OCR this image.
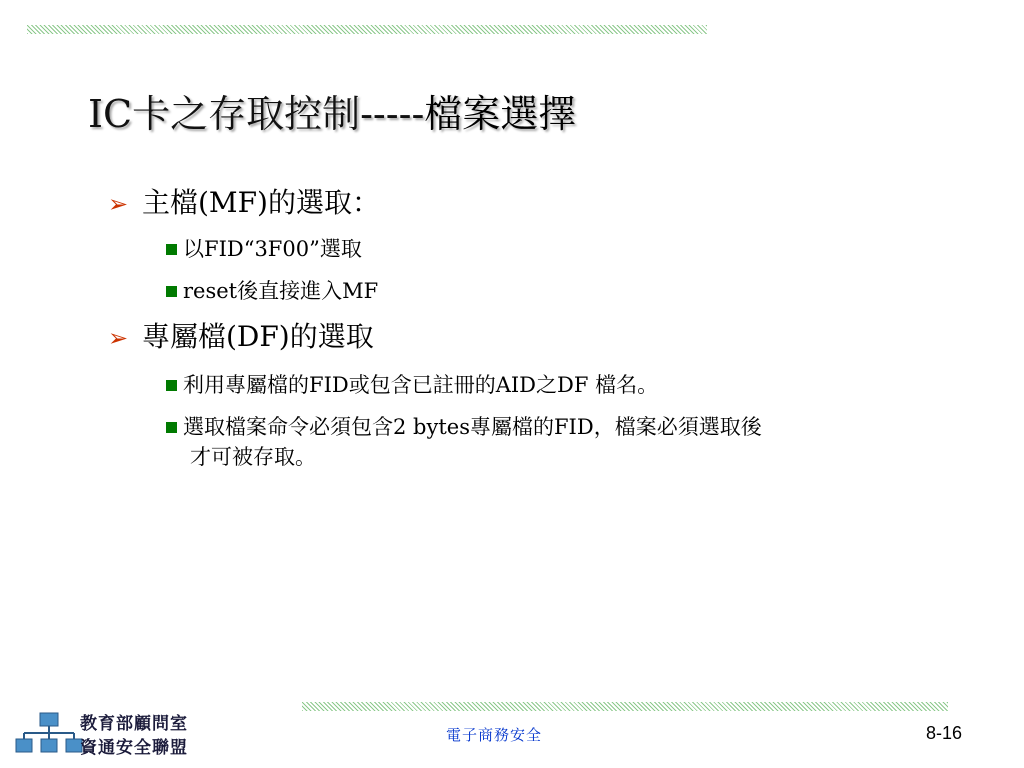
IC卡之存取控制-----檔案選擇
➢ 主檔(MF)的選取：
以FID“3F00”選取
reset後直接進入MF
➢ 專屬檔(DF)的選取
利用專屬檔的FID或包含已註冊的AID之DF 檔名。
選取檔案命令必須包含2 bytes專屬檔的FID，檔案必須選取後
才可被存取。
教育部顧問室
資通安全聯盟
電子商務安全	8-16
